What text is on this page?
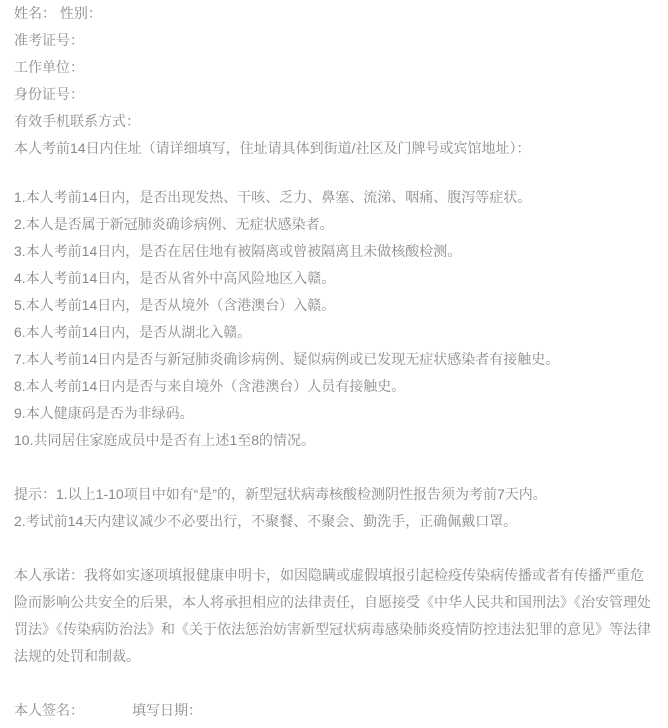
姓名： 性别：

准考证号：

工作单位：

身份证号：

有效手机联系方式：

本人考前14日内住址（请详细填写，住址请具体到街道/社区及门牌号或宾馆地址）：

1.本人考前14日内，是否出现发热、干咳、乏力、鼻塞、流涕、咽痛、腹泻等症状。

2.本人是否属于新冠肺炎确诊病例、无症状感染者。

3.本人考前14日内，是否在居住地有被隔离或曾被隔离且未做核酸检测。

4.本人考前14日内，是否从省外中高风险地区入赣。

5.本人考前14日内，是否从境外（含港澳台）入赣。

6.本人考前14日内，是否从湖北入赣。

7.本人考前14日内是否与新冠肺炎确诊病例、疑似病例或已发现无症状感染者有接触史。

8.本人考前14日内是否与来自境外（含港澳台）人员有接触史。

9.本人健康码是否为非绿码。

10.共同居住家庭成员中是否有上述1至8的情况。

提示：1.以上1-10项目中如有“是”的，新型冠状病毒核酸检测阴性报告须为考前7天内。

2.考试前14天内建议减少不必要出行，不聚餐、不聚会、勤洗手，正确佩戴口罩。

本人承诺：我将如实逐项填报健康申明卡，如因隐瞒或虚假填报引起检疫传染病传播或者有传播严重危险而影响公共安全的后果，本人将承担相应的法律责任，自愿接受《中华人民共和国刑法》《治安管理处罚法》《传染病防治法》和《关于依法惩治妨害新型冠状病毒感染肺炎疫情防控违法犯罪的意见》等法律法规的处罚和制裁。

本人签名：	填写日期：
